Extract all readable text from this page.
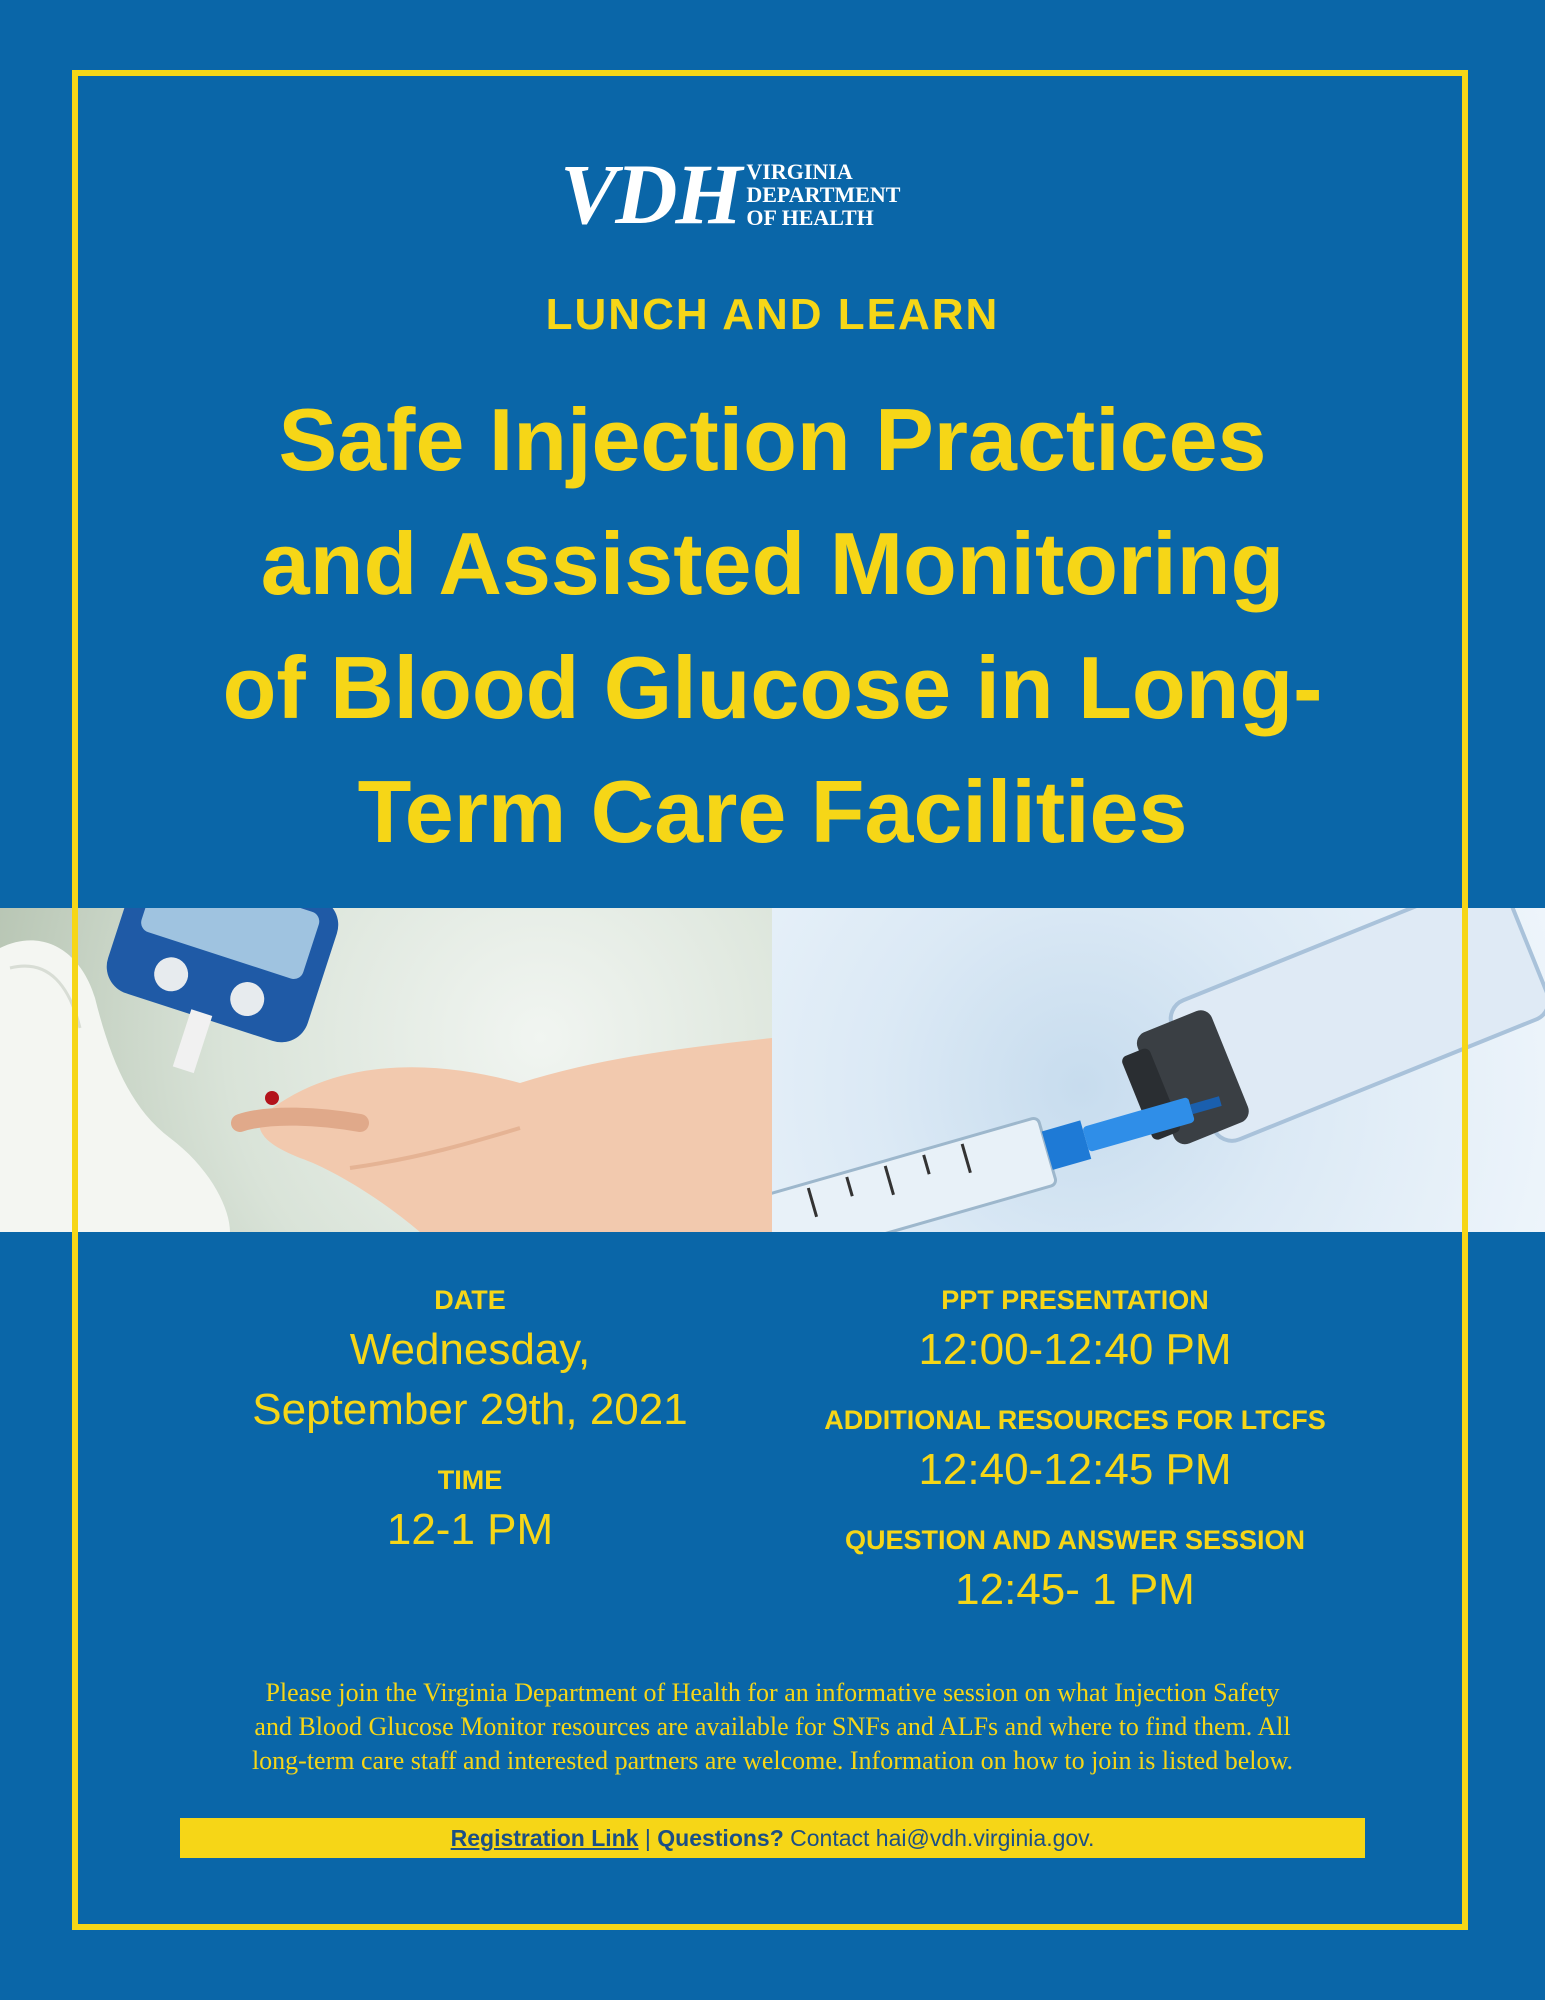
VDH VIRGINIA
DEPARTMENT
OF HEALTH
LUNCH AND LEARN
Safe Injection Practices
and Assisted Monitoring
of Blood Glucose in Long-
Term Care Facilities
DATE
Wednesday,
September 29th, 2021
TIME
12-1 PM
PPT PRESENTATION
12:00-12:40 PM
ADDITIONAL RESOURCES FOR LTCFS
12:40-12:45 PM
QUESTION AND ANSWER SESSION
12:45- 1 PM
Please join the Virginia Department of Health for an informative session on what Injection Safety
and Blood Glucose Monitor resources are available for SNFs and ALFs and where to find them. All
long-term care staff and interested partners are welcome. Information on how to join is listed below.
Registration Link | Questions? Contact hai@vdh.virginia.gov.
